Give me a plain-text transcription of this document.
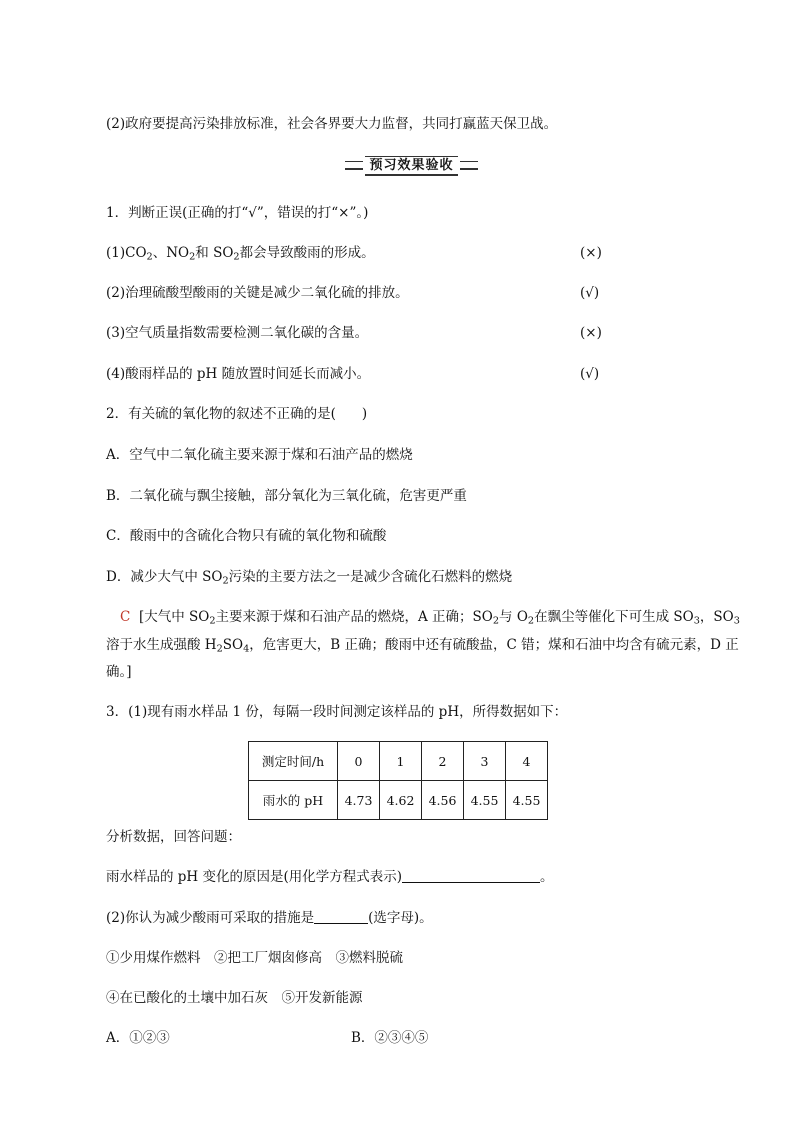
(2)政府要提高污染排放标准，社会各界要大力监督，共同打赢蓝天保卫战。
预习效果验收
1．判断正误(正确的打“√”，错误的打“×”。)
$(1)CO_2$、$NO_2$和 $SO_2$都会导致酸雨的形成。	(×)
(2)治理硫酸型酸雨的关键是减少二氧化硫的排放。	(√)
(3)空气质量指数需要检测二氧化碳的含量。	(×)
(4)酸雨样品的 pH 随放置时间延长而减小。	(√)
2．有关硫的氧化物的叙述不正确的是( )
A．空气中二氧化硫主要来源于煤和石油产品的燃烧
B．二氧化硫与飘尘接触，部分氧化为三氧化硫，危害更严重
C．酸雨中的含硫化合物只有硫的氧化物和硫酸
D．减少大气中 $SO_2$污染的主要方法之一是减少含硫化石燃料的燃烧
C [大气中 $SO_2$主要来源于煤和石油产品的燃烧，A 正确；$SO_2$与 $O_2$在飘尘等催化下可生成 $SO_3$，$SO_3$
溶于水生成强酸 $H_2SO_4$，危害更大，B 正确；酸雨中还有硫酸盐，C 错；煤和石油中均含有硫元素，D 正
确。]
3．(1)现有雨水样品 1 份，每隔一段时间测定该样品的 pH，所得数据如下：
测定时间/h	0	1	2	3	4
雨水的 pH	4.73	4.62	4.56	4.55	4.55
分析数据，回答问题：
雨水样品的 pH 变化的原因是(用化学方程式表示)	。
(2)你认为减少酸雨可采取的措施是	(选字母)。
①少用煤作燃料　②把工厂烟囱修高　③燃料脱硫
④在已酸化的土壤中加石灰　⑤开发新能源
A．①②③	B．②③④⑤
